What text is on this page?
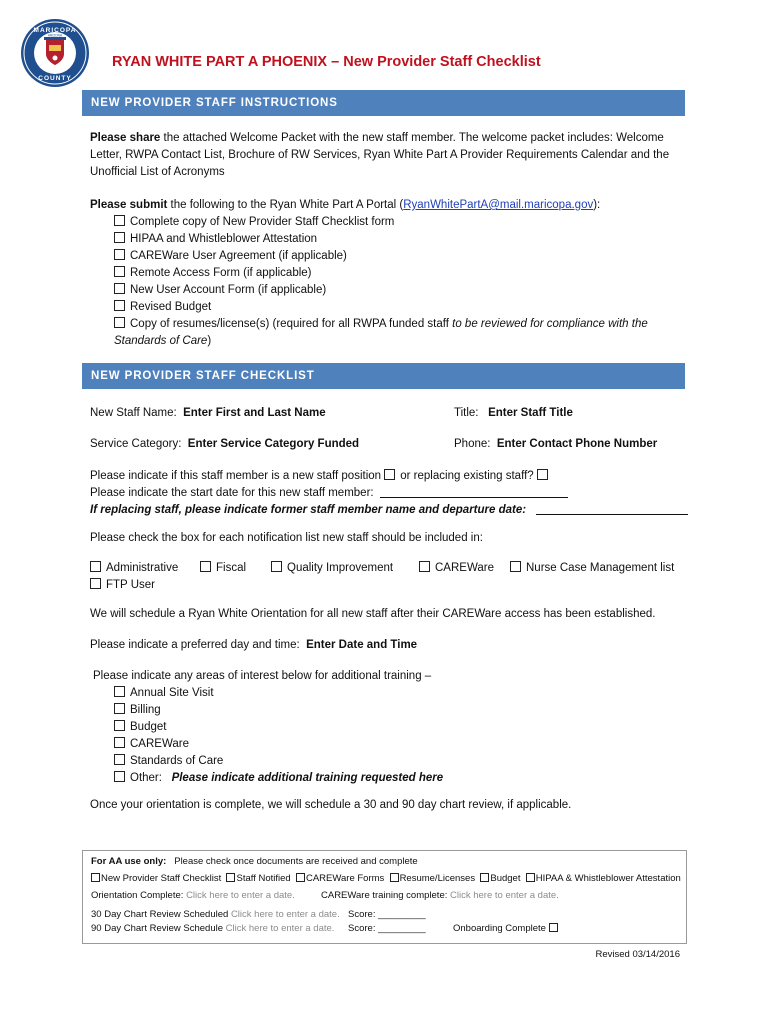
MARICOPA
COUNTY
ARIZONA
RYAN WHITE PART A PHOENIX – New Provider Staff Checklist
NEW PROVIDER STAFF INSTRUCTIONS
Please share the attached Welcome Packet with the new staff member. The welcome packet includes: Welcome
Letter, RWPA Contact List, Brochure of RW Services, Ryan White Part A Provider Requirements Calendar and the
Unofficial List of Acronyms
Please submit the following to the Ryan White Part A Portal (RyanWhitePartA@mail.maricopa.gov):
Complete copy of New Provider Staff Checklist form
HIPAA and Whistleblower Attestation
CAREWare User Agreement (if applicable)
Remote Access Form (if applicable)
New User Account Form (if applicable)
Revised Budget
Copy of resumes/license(s) (required for all RWPA funded staff to be reviewed for compliance with the
Standards of Care)
NEW PROVIDER STAFF CHECKLIST
New Staff Name: Enter First and Last Name	Title: Enter Staff Title
Service Category: Enter Service Category Funded	Phone: Enter Contact Phone Number
Please indicate if this staff member is a new staff position or replacing existing staff?
Please indicate the start date for this new staff member:
If replacing staff, please indicate former staff member name and departure date:
Please check the box for each notification list new staff should be included in:
Administrative	Fiscal	Quality Improvement	CAREWare	Nurse Case Management list
FTP User
We will schedule a Ryan White Orientation for all new staff after their CAREWare access has been established.
Please indicate a preferred day and time: Enter Date and Time
Please indicate any areas of interest below for additional training –
Annual Site Visit
Billing
Budget
CAREWare
Standards of Care
Other: Please indicate additional training requested here
Once your orientation is complete, we will schedule a 30 and 90 day chart review, if applicable.
For AA use only: Please check once documents are received and complete
New Provider Staff Checklist Staff Notified CAREWare Forms Resume/Licenses Budget HIPAA & Whistleblower Attestation
Orientation Complete: Click here to enter a date.	CAREWare training complete: Click here to enter a date.
30 Day Chart Review Scheduled Click here to enter a date. Score: _________
90 Day Chart Review Schedule Click here to enter a date. Score: _________	Onboarding Complete
Revised 03/14/2016
